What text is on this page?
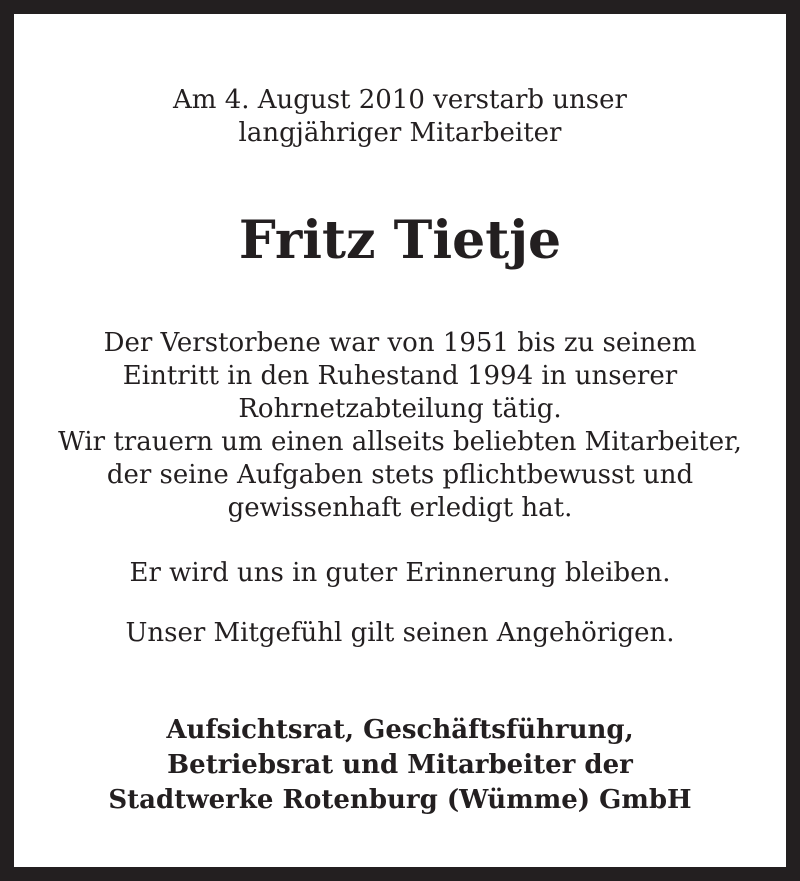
Am 4. August 2010 verstarb unser
langjähriger Mitarbeiter
Fritz Tietje
Der Verstorbene war von 1951 bis zu seinem
Eintritt in den Ruhestand 1994 in unserer
Rohrnetzabteilung tätig.
Wir trauern um einen allseits beliebten Mitarbeiter,
der seine Aufgaben stets pflichtbewusst und
gewissenhaft erledigt hat.
Er wird uns in guter Erinnerung bleiben.
Unser Mitgefühl gilt seinen Angehörigen.
Aufsichtsrat, Geschäftsführung,
Betriebsrat und Mitarbeiter der
Stadtwerke Rotenburg (Wümme) GmbH
